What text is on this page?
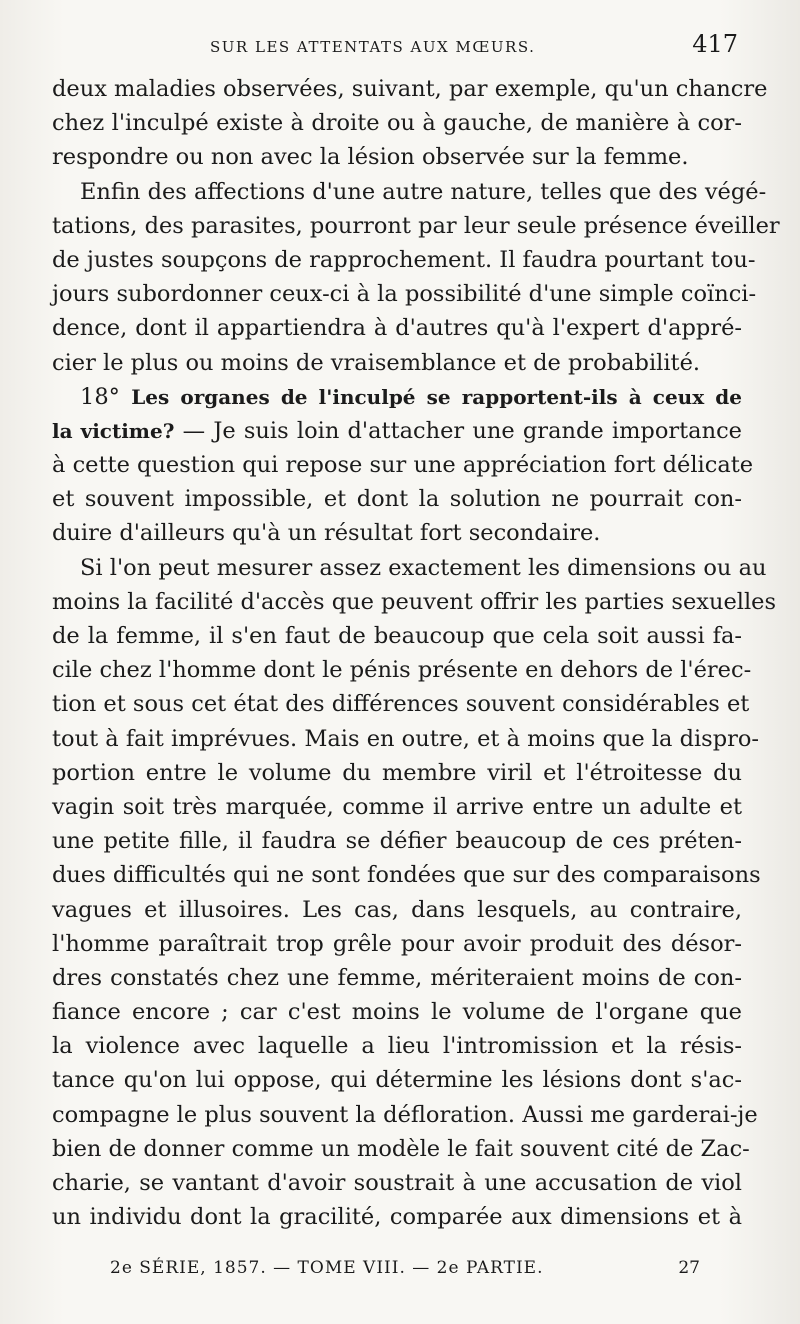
SUR LES ATTENTATS AUX MŒURS.	417
deux maladies observées, suivant, par exemple, qu'un chancre
chez l'inculpé existe à droite ou à gauche, de manière à cor-
respondre ou non avec la lésion observée sur la femme.
Enfin des affections d'une autre nature, telles que des végé-
tations, des parasites, pourront par leur seule présence éveiller
de justes soupçons de rapprochement. Il faudra pourtant tou-
jours subordonner ceux-ci à la possibilité d'une simple coïnci-
dence, dont il appartiendra à d'autres qu'à l'expert d'appré-
cier le plus ou moins de vraisemblance et de probabilité.
18° Les organes de l'inculpé se rapportent-ils à ceux de
la victime? — Je suis loin d'attacher une grande importance
à cette question qui repose sur une appréciation fort délicate
et souvent impossible, et dont la solution ne pourrait con-
duire d'ailleurs qu'à un résultat fort secondaire.
Si l'on peut mesurer assez exactement les dimensions ou au
moins la facilité d'accès que peuvent offrir les parties sexuelles
de la femme, il s'en faut de beaucoup que cela soit aussi fa-
cile chez l'homme dont le pénis présente en dehors de l'érec-
tion et sous cet état des différences souvent considérables et
tout à fait imprévues. Mais en outre, et à moins que la dispro-
portion entre le volume du membre viril et l'étroitesse du
vagin soit très marquée, comme il arrive entre un adulte et
une petite fille, il faudra se défier beaucoup de ces préten-
dues difficultés qui ne sont fondées que sur des comparaisons
vagues et illusoires. Les cas, dans lesquels, au contraire,
l'homme paraîtrait trop grêle pour avoir produit des désor-
dres constatés chez une femme, mériteraient moins de con-
fiance encore ; car c'est moins le volume de l'organe que
la violence avec laquelle a lieu l'intromission et la résis-
tance qu'on lui oppose, qui détermine les lésions dont s'ac-
compagne le plus souvent la défloration. Aussi me garderai-je
bien de donner comme un modèle le fait souvent cité de Zac-
charie, se vantant d'avoir soustrait à une accusation de viol
un individu dont la gracilité, comparée aux dimensions et à
2e SÉRIE, 1857. — TOME VIII. — 2e PARTIE.	27
